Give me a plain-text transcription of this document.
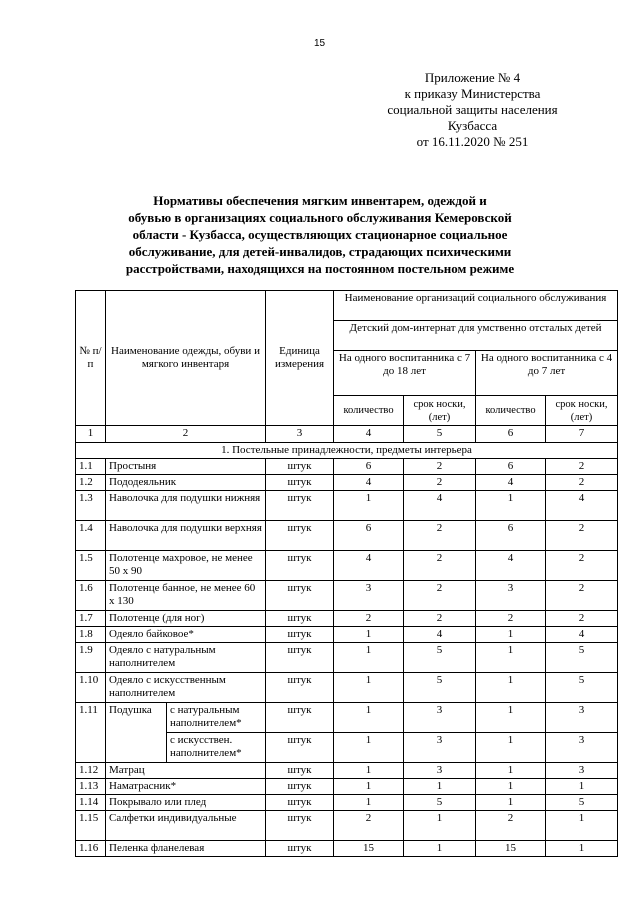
15
Приложение № 4
к приказу Министерства
социальной защиты населения
Кузбасса
от 16.11.2020 № 251
Нормативы обеспечения мягким инвентарем, одеждой и
обувью в организациях социального обслуживания Кемеровской
области - Кузбасса, осуществляющих стационарное социальное
обслуживание, для детей-инвалидов, страдающих психическими
расстройствами, находящихся на постоянном постельном режиме
№ п/п	Наименование одежды, обуви и мягкого инвентаря		Единица измерения	Наименование организаций социального обслуживания			
				Детский дом-интернат для умственно отсталых детей			
				На одного воспитанника с 7 до 18 лет		На одного воспитанника с 4 до 7 лет	
				количество	срок носки, (лет)	количество	срок носки, (лет)
1	2		3	4	5	6	7
1. Постельные принадлежности, предметы интерьера							
1.1	Простыня		штук	6	2	6	2
1.2	Пододеяльник		штук	4	2	4	2
1.3	Наволочка для подушки нижняя		штук	1	4	1	4
1.4	Наволочка для подушки верхняя		штук	6	2	6	2
1.5	Полотенце махровое, не менее 50 х 90		штук	4	2	4	2
1.6	Полотенце банное, не менее 60 х 130		штук	3	2	3	2
1.7	Полотенце (для ног)		штук	2	2	2	2
1.8	Одеяло байковое*		штук	1	4	1	4
1.9	Одеяло с натуральным наполнителем		штук	1	5	1	5
1.10	Одеяло с искусственным наполнителем		штук	1	5	1	5
1.11	Подушка	с натуральным наполнителем*	штук	1	3	1	3
		с искусствен. наполнителем*	штук	1	3	1	3
1.12	Матрац		штук	1	3	1	3
1.13	Наматрасник*		штук	1	1	1	1
1.14	Покрывало или плед		штук	1	5	1	5
1.15	Салфетки индивидуальные		штук	2	1	2	1
1.16	Пеленка фланелевая		штук	15	1	15	1
